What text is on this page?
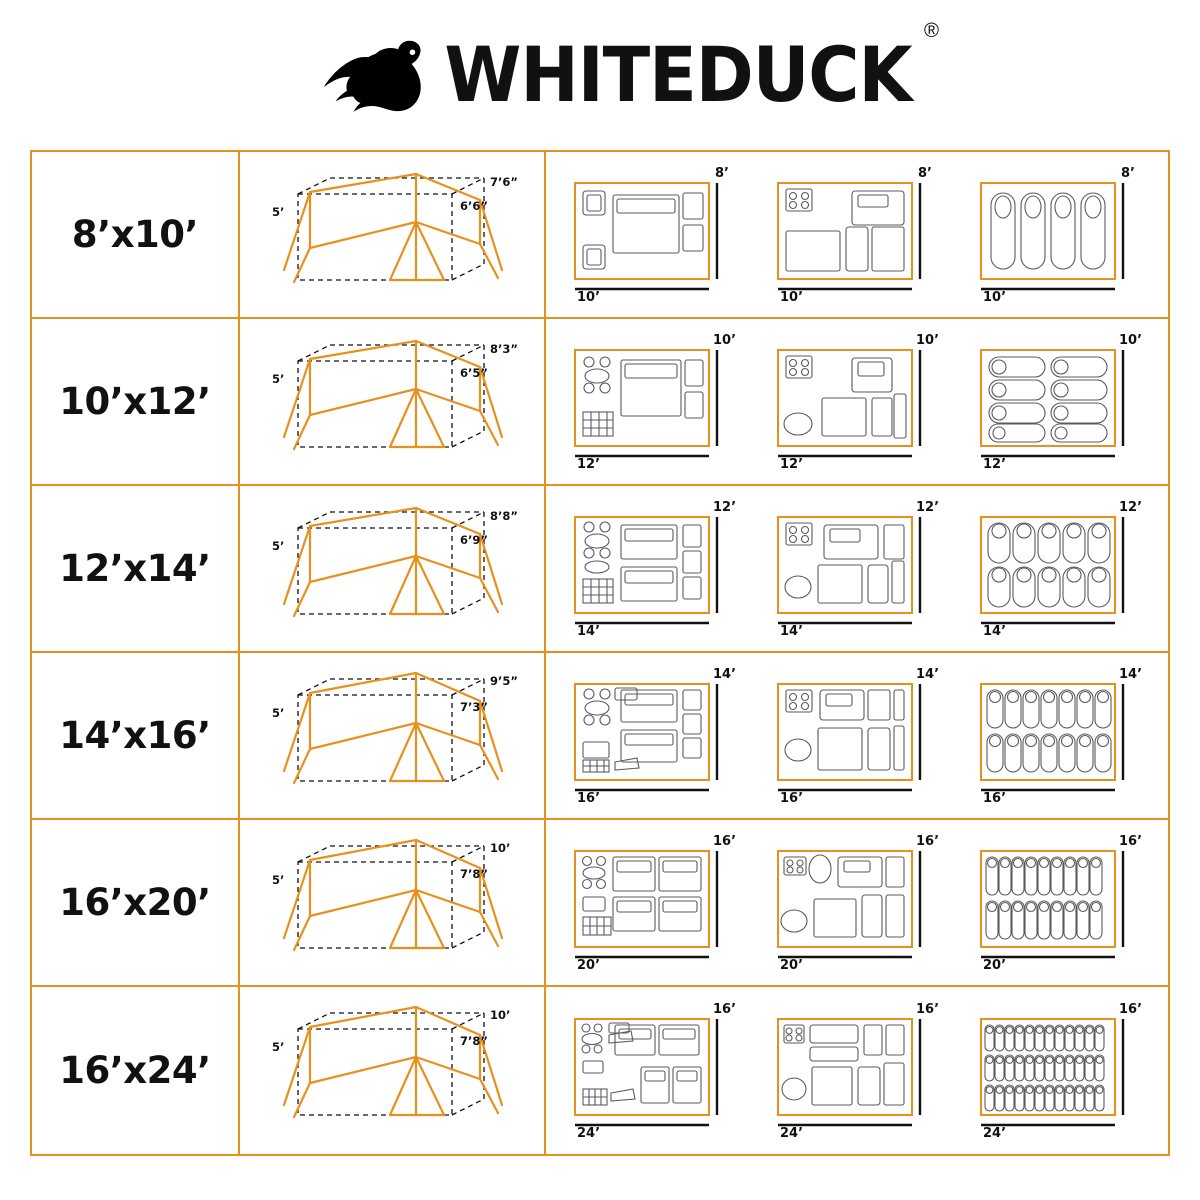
WHITEDUCK ®
8’x10’
7’6”
6’6”
5’
8’
10’
8’
10’
8’
10’
10’x12’
8’3”
6’5”
5’
10’
12’
10’
12’
10’
12’
12’x14’
8’8”
6’9”
5’
12’
14’
12’
14’
12’
14’
14’x16’
9’5”
7’3”
5’
14’
16’
14’
16’
14’
16’
16’x20’
10’
7’8”
5’
16’
20’
16’
20’
16’
20’
16’x24’
10’
7’8”
5’
16’
24’
16’
24’
16’
24’
